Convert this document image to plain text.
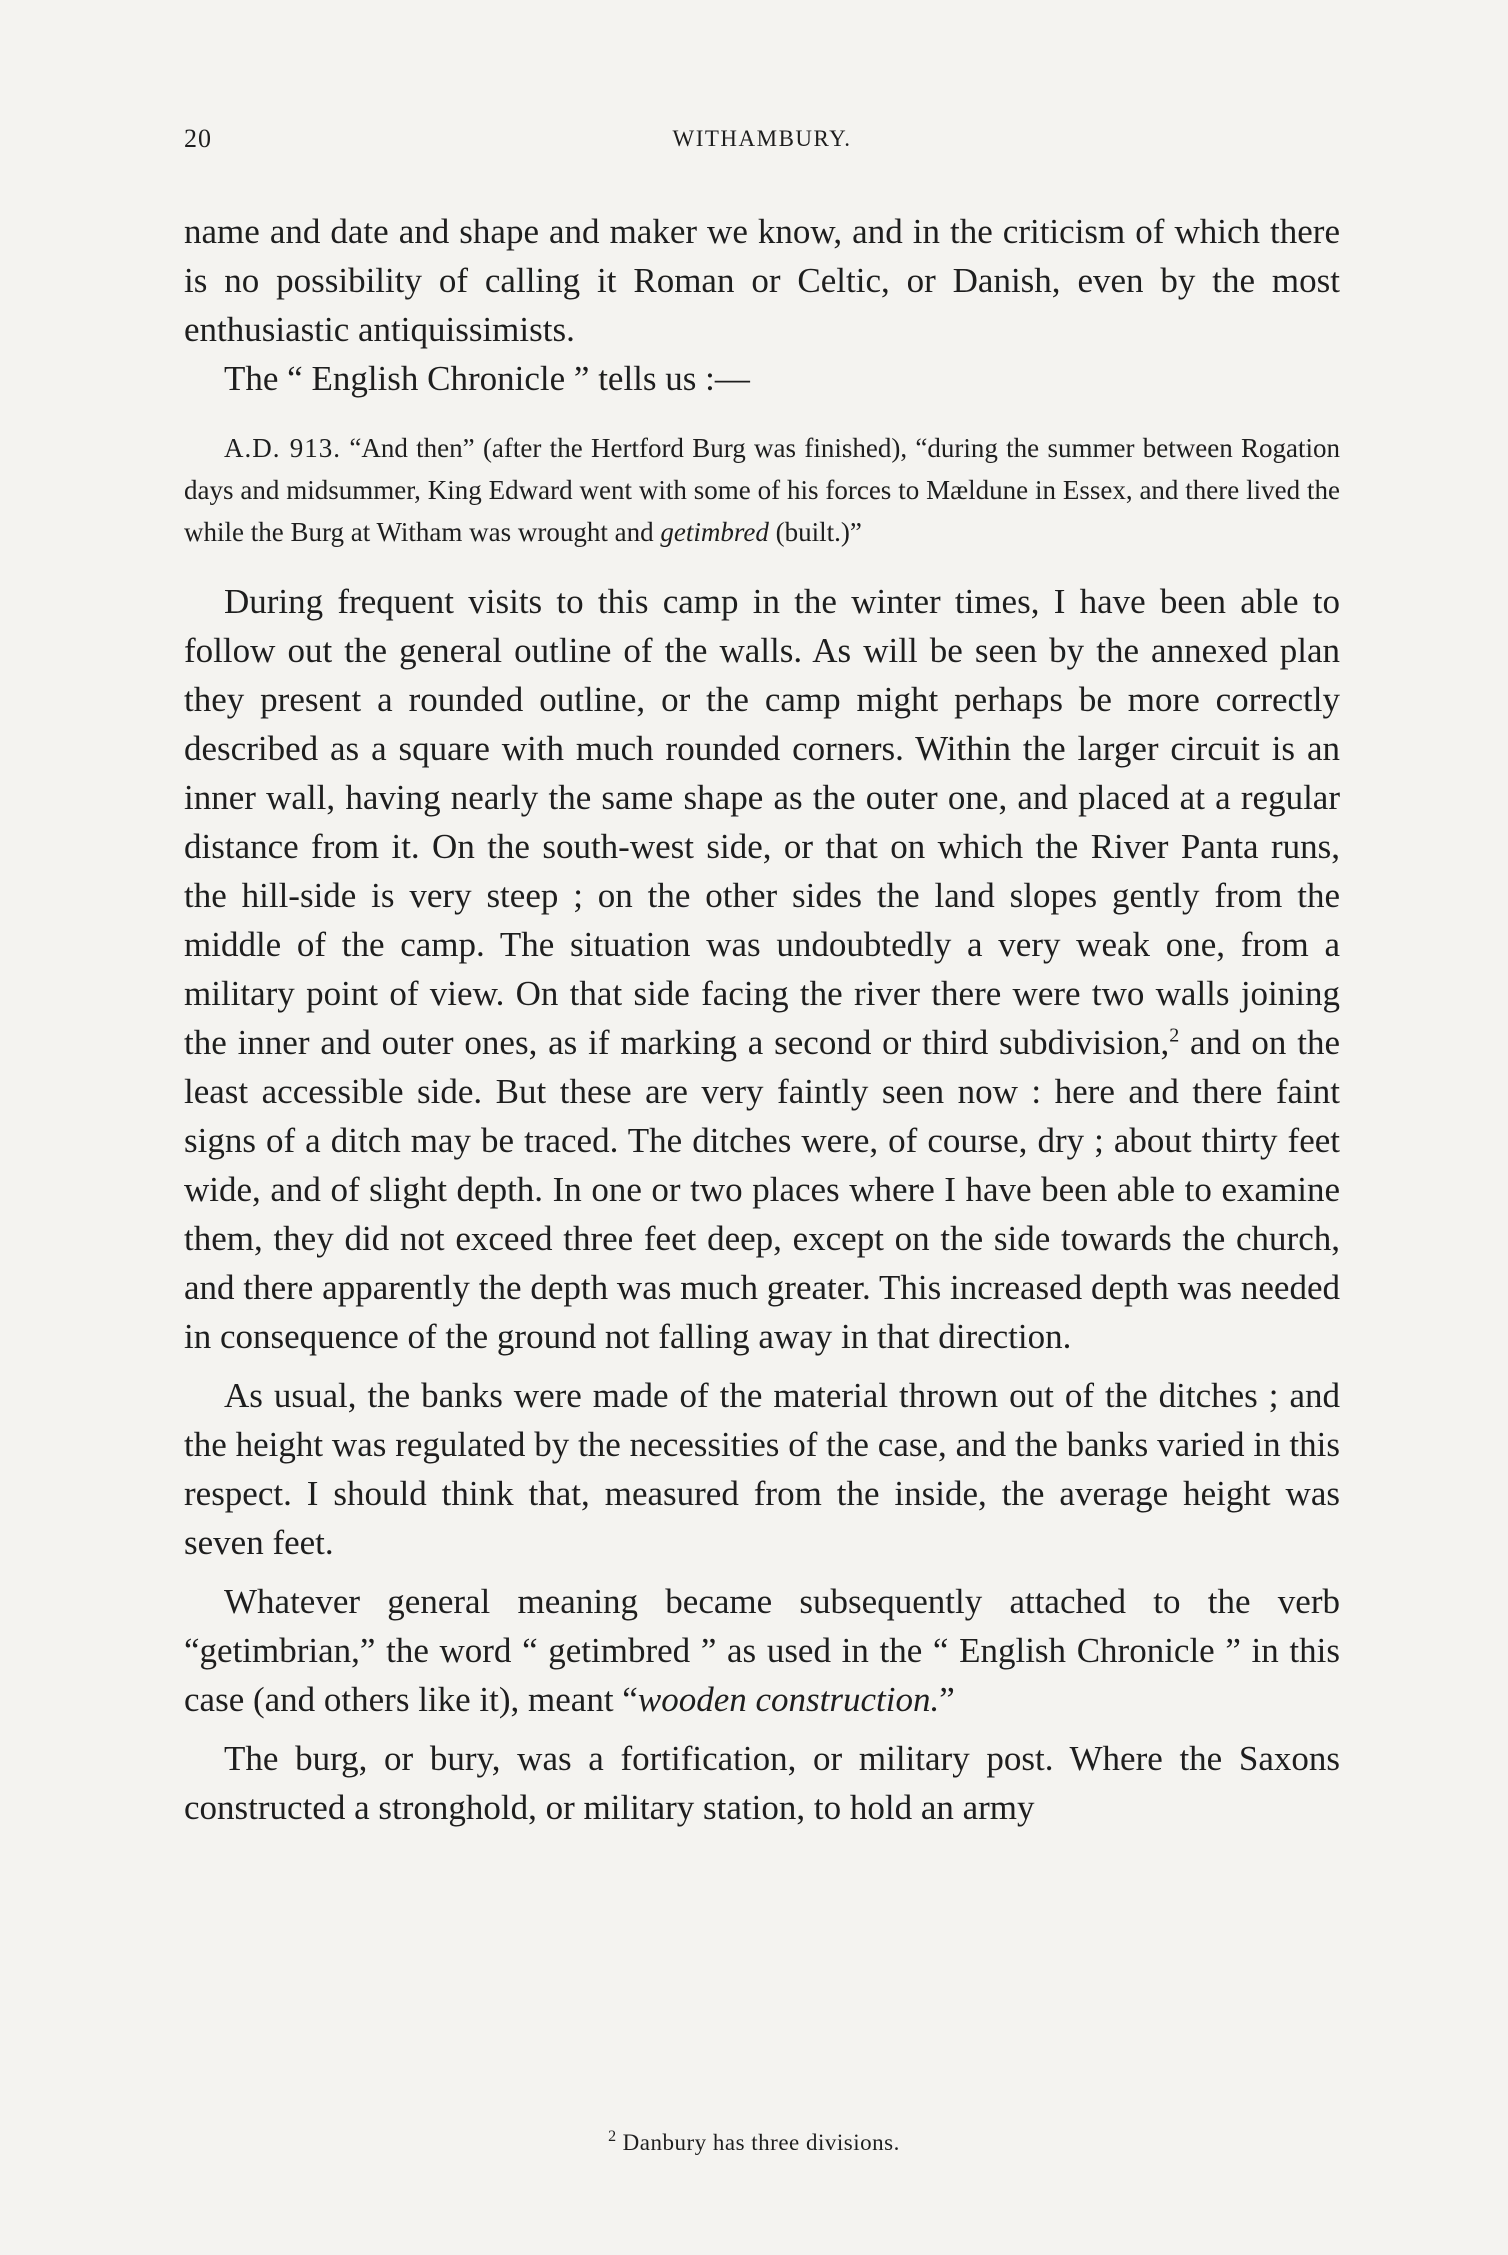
20	WITHAMBURY.

name and date and shape and maker we know, and in the criticism of which there is no possibility of calling it Roman or Celtic, or Danish, even by the most enthusiastic antiquissimists.

The “ English Chronicle ” tells us :—

A.D. 913. “And then” (after the Hertford Burg was finished), “during the summer between Rogation days and midsummer, King Edward went with some of his forces to Mældune in Essex, and there lived the while the Burg at Witham was wrought and getimbred (built.)”

During frequent visits to this camp in the winter times, I have been able to follow out the general outline of the walls. As will be seen by the annexed plan they present a rounded outline, or the camp might perhaps be more correctly described as a square with much rounded corners. Within the larger circuit is an inner wall, having nearly the same shape as the outer one, and placed at a regular distance from it. On the south-west side, or that on which the River Panta runs, the hill-side is very steep ; on the other sides the land slopes gently from the middle of the camp. The situation was undoubtedly a very weak one, from a military point of view. On that side facing the river there were two walls joining the inner and outer ones, as if marking a second or third subdivision,$^2$ and on the least accessible side. But these are very faintly seen now : here and there faint signs of a ditch may be traced. The ditches were, of course, dry ; about thirty feet wide, and of slight depth. In one or two places where I have been able to examine them, they did not exceed three feet deep, except on the side towards the church, and there apparently the depth was much greater. This increased depth was needed in consequence of the ground not falling away in that direction.

As usual, the banks were made of the material thrown out of the ditches ; and the height was regulated by the necessities of the case, and the banks varied in this respect. I should think that, measured from the inside, the average height was seven feet.

Whatever general meaning became subsequently attached to the verb “getimbrian,” the word “ getimbred ” as used in the “ English Chronicle ” in this case (and others like it), meant “wooden construction.”

The burg, or bury, was a fortification, or military post. Where the Saxons constructed a stronghold, or military station, to hold an army

$^2$ Danbury has three divisions.
